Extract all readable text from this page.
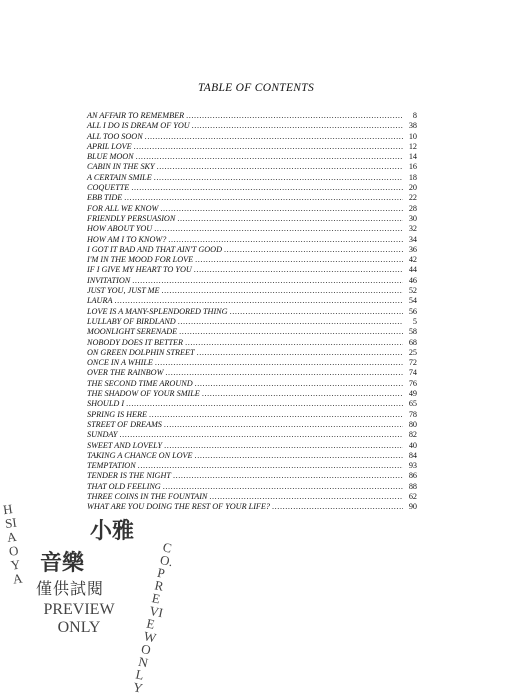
TABLE OF CONTENTS
AN AFFAIR TO REMEMBER .....	8
ALL I DO IS DREAM OF YOU .....	38
ALL TOO SOON .....	10
APRIL LOVE .....	12
BLUE MOON .....	14
CABIN IN THE SKY .....	16
A CERTAIN SMILE .....	18
COQUETTE .....	20
EBB TIDE .....	22
FOR ALL WE KNOW .....	28
FRIENDLY PERSUASION .....	30
HOW ABOUT YOU .....	32
HOW AM I TO KNOW? .....	34
I GOT IT BAD AND THAT AIN'T GOOD .....	36
I'M IN THE MOOD FOR LOVE .....	42
IF I GIVE MY HEART TO YOU .....	44
INVITATION .....	46
JUST YOU, JUST ME .....	52
LAURA .....	54
LOVE IS A MANY-SPLENDORED THING .....	56
LULLABY OF BIRDLAND .....	5
MOONLIGHT SERENADE .....	58
NOBODY DOES IT BETTER .....	68
ON GREEN DOLPHIN STREET .....	25
ONCE IN A WHILE .....	72
OVER THE RAINBOW .....	74
THE SECOND TIME AROUND .....	76
THE SHADOW OF YOUR SMILE .....	49
SHOULD I .....	65
SPRING IS HERE .....	78
STREET OF DREAMS .....	80
SUNDAY .....	82
SWEET AND LOVELY .....	40
TAKING A CHANCE ON LOVE .....	84
TEMPTATION .....	93
TENDER IS THE NIGHT .....	86
THAT OLD FEELING .....	88
THREE COINS IN THE FOUNTAIN .....	62
WHAT ARE YOU DOING THE REST OF YOUR LIFE? .....	90
HSIAOYA
小雅
音樂
僅供試閱
PREVIEW
ONLY
CO. PREVIEW ONLY
